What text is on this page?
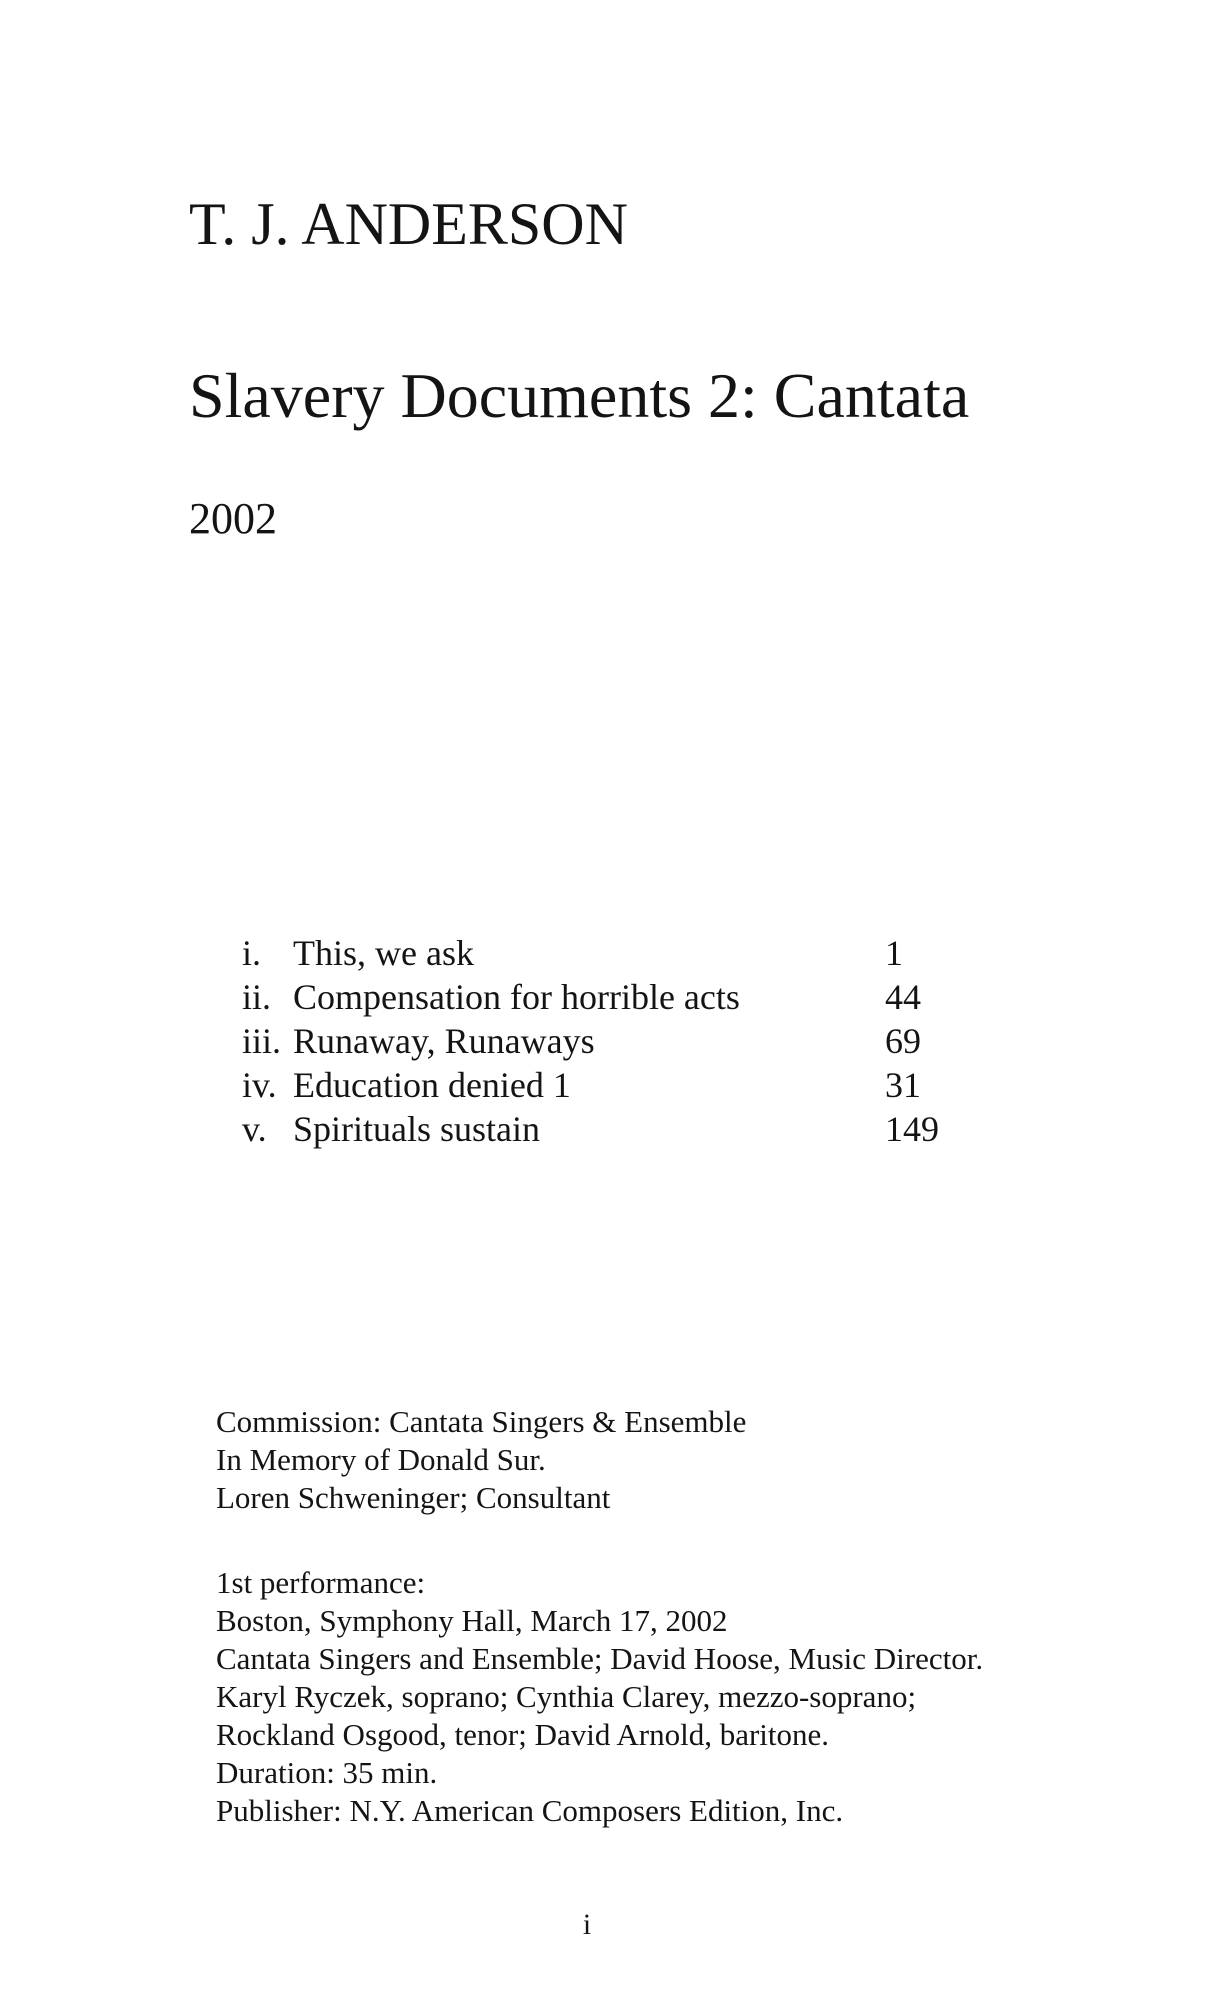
T. J. ANDERSON
Slavery Documents 2: Cantata
2002
i. This, we ask	1
ii. Compensation for horrible acts	44
iii. Runaway, Runaways	69
iv. Education denied 1	31
v. Spirituals sustain	149
Commission: Cantata Singers & Ensemble
In Memory of Donald Sur.
Loren Schweninger; Consultant
1st performance:
Boston, Symphony Hall, March 17, 2002
Cantata Singers and Ensemble; David Hoose, Music Director.
Karyl Ryczek, soprano; Cynthia Clarey, mezzo-soprano;
Rockland Osgood, tenor; David Arnold, baritone.
Duration: 35 min.
Publisher: N.Y. American Composers Edition, Inc.
i
